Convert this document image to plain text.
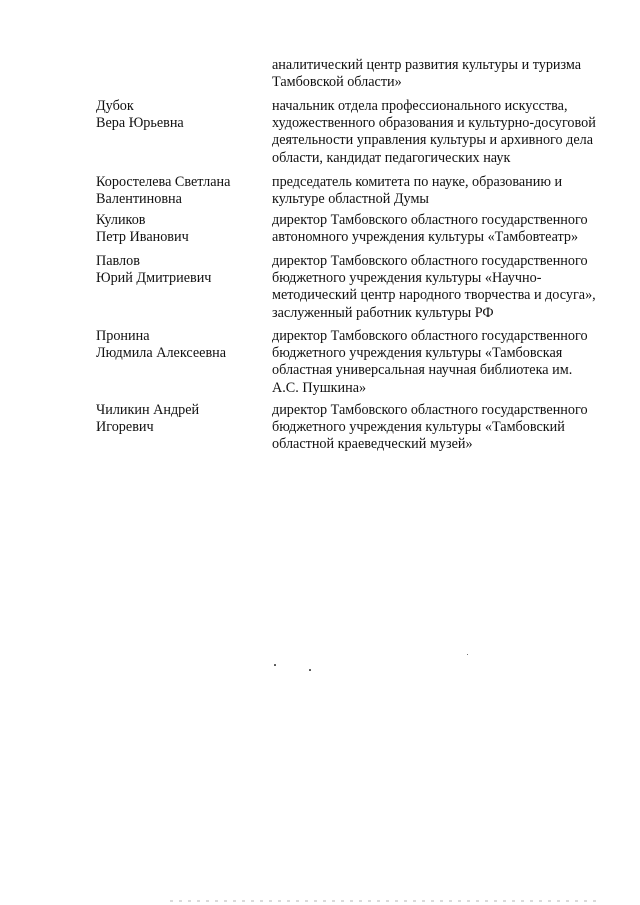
аналитический центр развития культуры и туризма
Тамбовской области»
Дубок
Вера Юрьевна
начальник отдела профессионального искусства,
художественного образования и культурно-досуговой
деятельности управления культуры и архивного дела
области, кандидат педагогических наук
Коростелева Светлана
Валентиновна
председатель комитета по науке, образованию и
культуре областной Думы
Куликов
Петр Иванович
директор Тамбовского областного государственного
автономного учреждения культуры «Тамбовтеатр»
Павлов
Юрий Дмитриевич
директор Тамбовского областного государственного
бюджетного учреждения культуры «Научно-
методический центр народного творчества и досуга»,
заслуженный работник культуры РФ
Пронина
Людмила Алексеевна
директор Тамбовского областного государственного
бюджетного учреждения культуры «Тамбовская
областная универсальная научная библиотека им.
А.С. Пушкина»
Чиликин Андрей
Игоревич
директор Тамбовского областного государственного
бюджетного учреждения культуры «Тамбовский
областной краеведческий музей»
